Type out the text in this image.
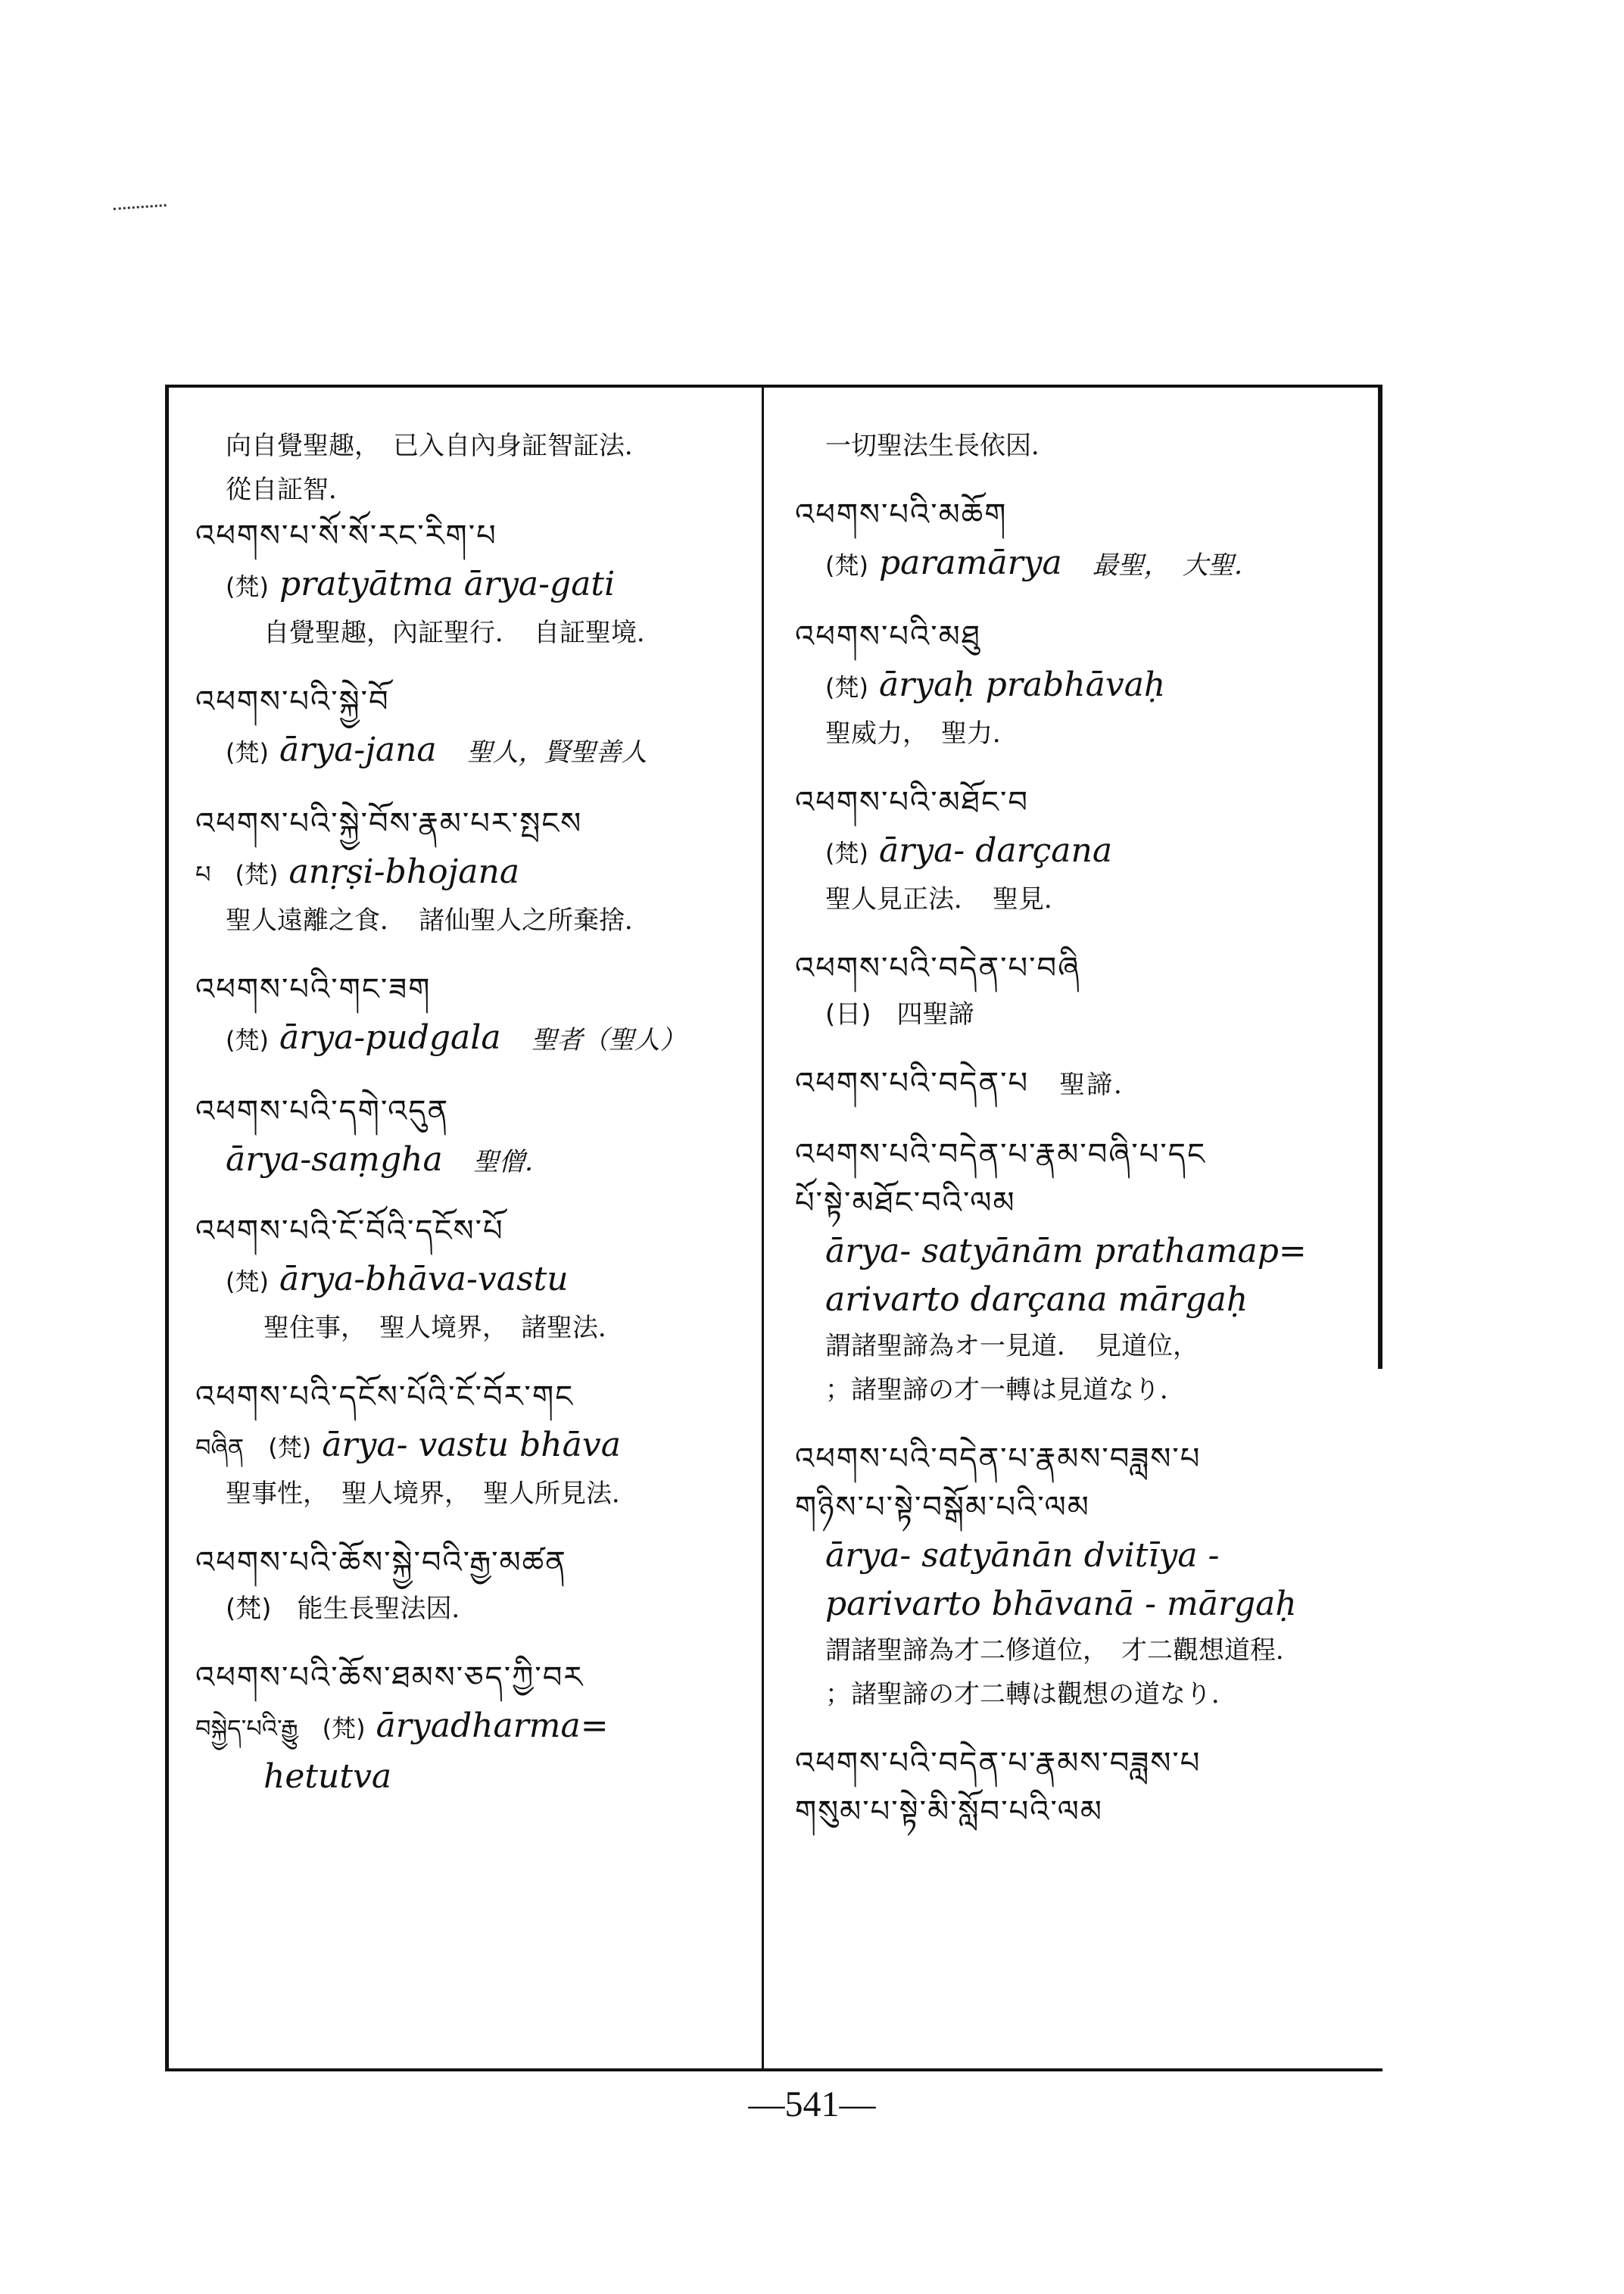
向自覺聖趣，　已入自內身証智証法．
從自証智．
འཕགས་པ་སོ་སོ་རང་རིག་པ
(梵) pratyātma ārya-gati
自覺聖趣，內証聖行．　自証聖境．
འཕགས་པའི་སྐྱེ་བོ
(梵) ārya-jana 聖人，賢聖善人
འཕགས་པའི་སྐྱེ་བོས་རྣམ་པར་སྤངས
པ　(梵) anṛṣi-bhojana
聖人遠離之食．　諸仙聖人之所棄捨．
འཕགས་པའི་གང་ཟག
(梵) ārya-pudgala 聖者（聖人）
འཕགས་པའི་དགེ་འདུན
ārya-saṃgha 聖僧．
འཕགས་པའི་ངོ་བོའི་དངོས་པོ
(梵) ārya-bhāva-vastu
聖住事，　聖人境界，　諸聖法．
འཕགས་པའི་དངོས་པོའི་ངོ་བོར་གང
བཞིན　(梵) ārya- vastu bhāva
聖事性，　聖人境界，　聖人所見法．
འཕགས་པའི་ཆོས་སྐྱེ་བའི་རྒྱ་མཚན
(梵)　能生長聖法因．
འཕགས་པའི་ཆོས་ཐམས་ཅད་ཀྱི་བར
བསྐྱེད་པའི་རྒྱུ　(梵) āryadharma=
hetutva
一切聖法生長依因．
འཕགས་པའི་མཆོག
(梵) paramārya 最聖，　大聖．
འཕགས་པའི་མཐུ
(梵) āryaḥ prabhāvaḥ
聖威力，　聖力．
འཕགས་པའི་མཐོང་བ
(梵) ārya- darçana
聖人見正法．　聖見．
འཕགས་པའི་བདེན་པ་བཞི
(日)　四聖諦
འཕགས་པའི་བདེན་པ 聖諦．
འཕགས་པའི་བདེན་པ་རྣམ་བཞི་པ་དང
པོ་སྟེ་མཐོང་བའི་ལམ
ārya- satyānām prathamap=
arivarto darçana mārgaḥ
謂諸聖諦為オ一見道．　見道位，
；諸聖諦の才一轉は見道なり．
འཕགས་པའི་བདེན་པ་རྣམས་བཟླས་པ
གཉིས་པ་སྟེ་བསྒོམ་པའི་ལམ
ārya- satyānān dvitīya -
parivarto bhāvanā - mārgaḥ
謂諸聖諦為才二修道位，　才二觀想道程．
；諸聖諦の才二轉は觀想の道なり．
འཕགས་པའི་བདེན་པ་རྣམས་བཟླས་པ
གསུམ་པ་སྟེ་མི་སློབ་པའི་ལམ
—541—
